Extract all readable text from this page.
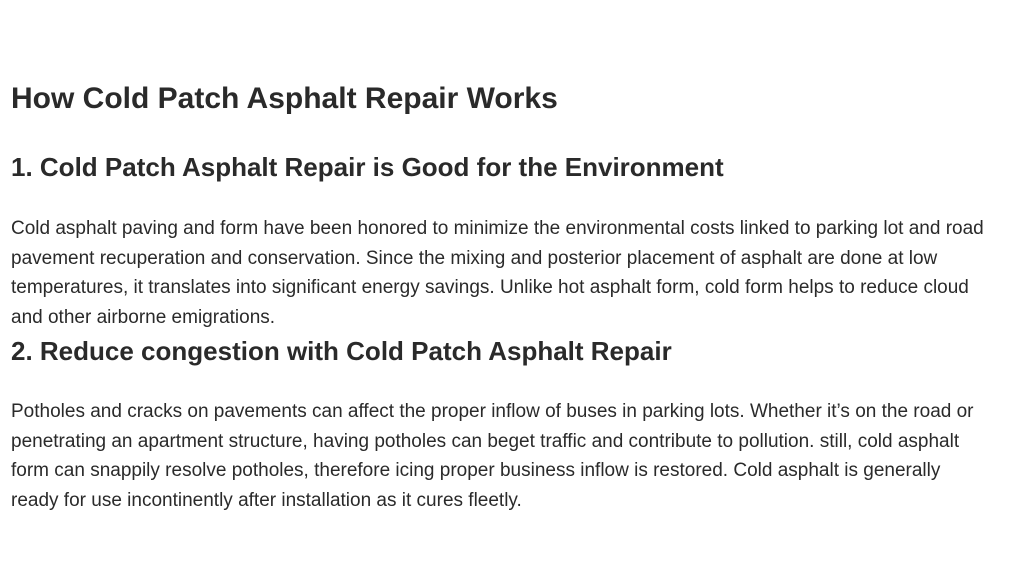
How Cold Patch Asphalt Repair Works
1. Cold Patch Asphalt Repair is Good for the Environment

Cold asphalt paving and form have been honored to minimize the environmental costs linked to parking lot and road pavement recuperation and conservation. Since the mixing and posterior placement of asphalt are done at low temperatures, it translates into significant energy savings. Unlike hot asphalt form, cold form helps to reduce cloud and other airborne emigrations.

2. Reduce congestion with Cold Patch Asphalt Repair

Potholes and cracks on pavements can affect the proper inflow of buses in parking lots. Whether it’s on the road or penetrating an apartment structure, having potholes can beget traffic and contribute to pollution. still, cold asphalt form can snappily resolve potholes, therefore icing proper business inflow is restored. Cold asphalt is generally ready for use incontinently after installation as it cures fleetly.
